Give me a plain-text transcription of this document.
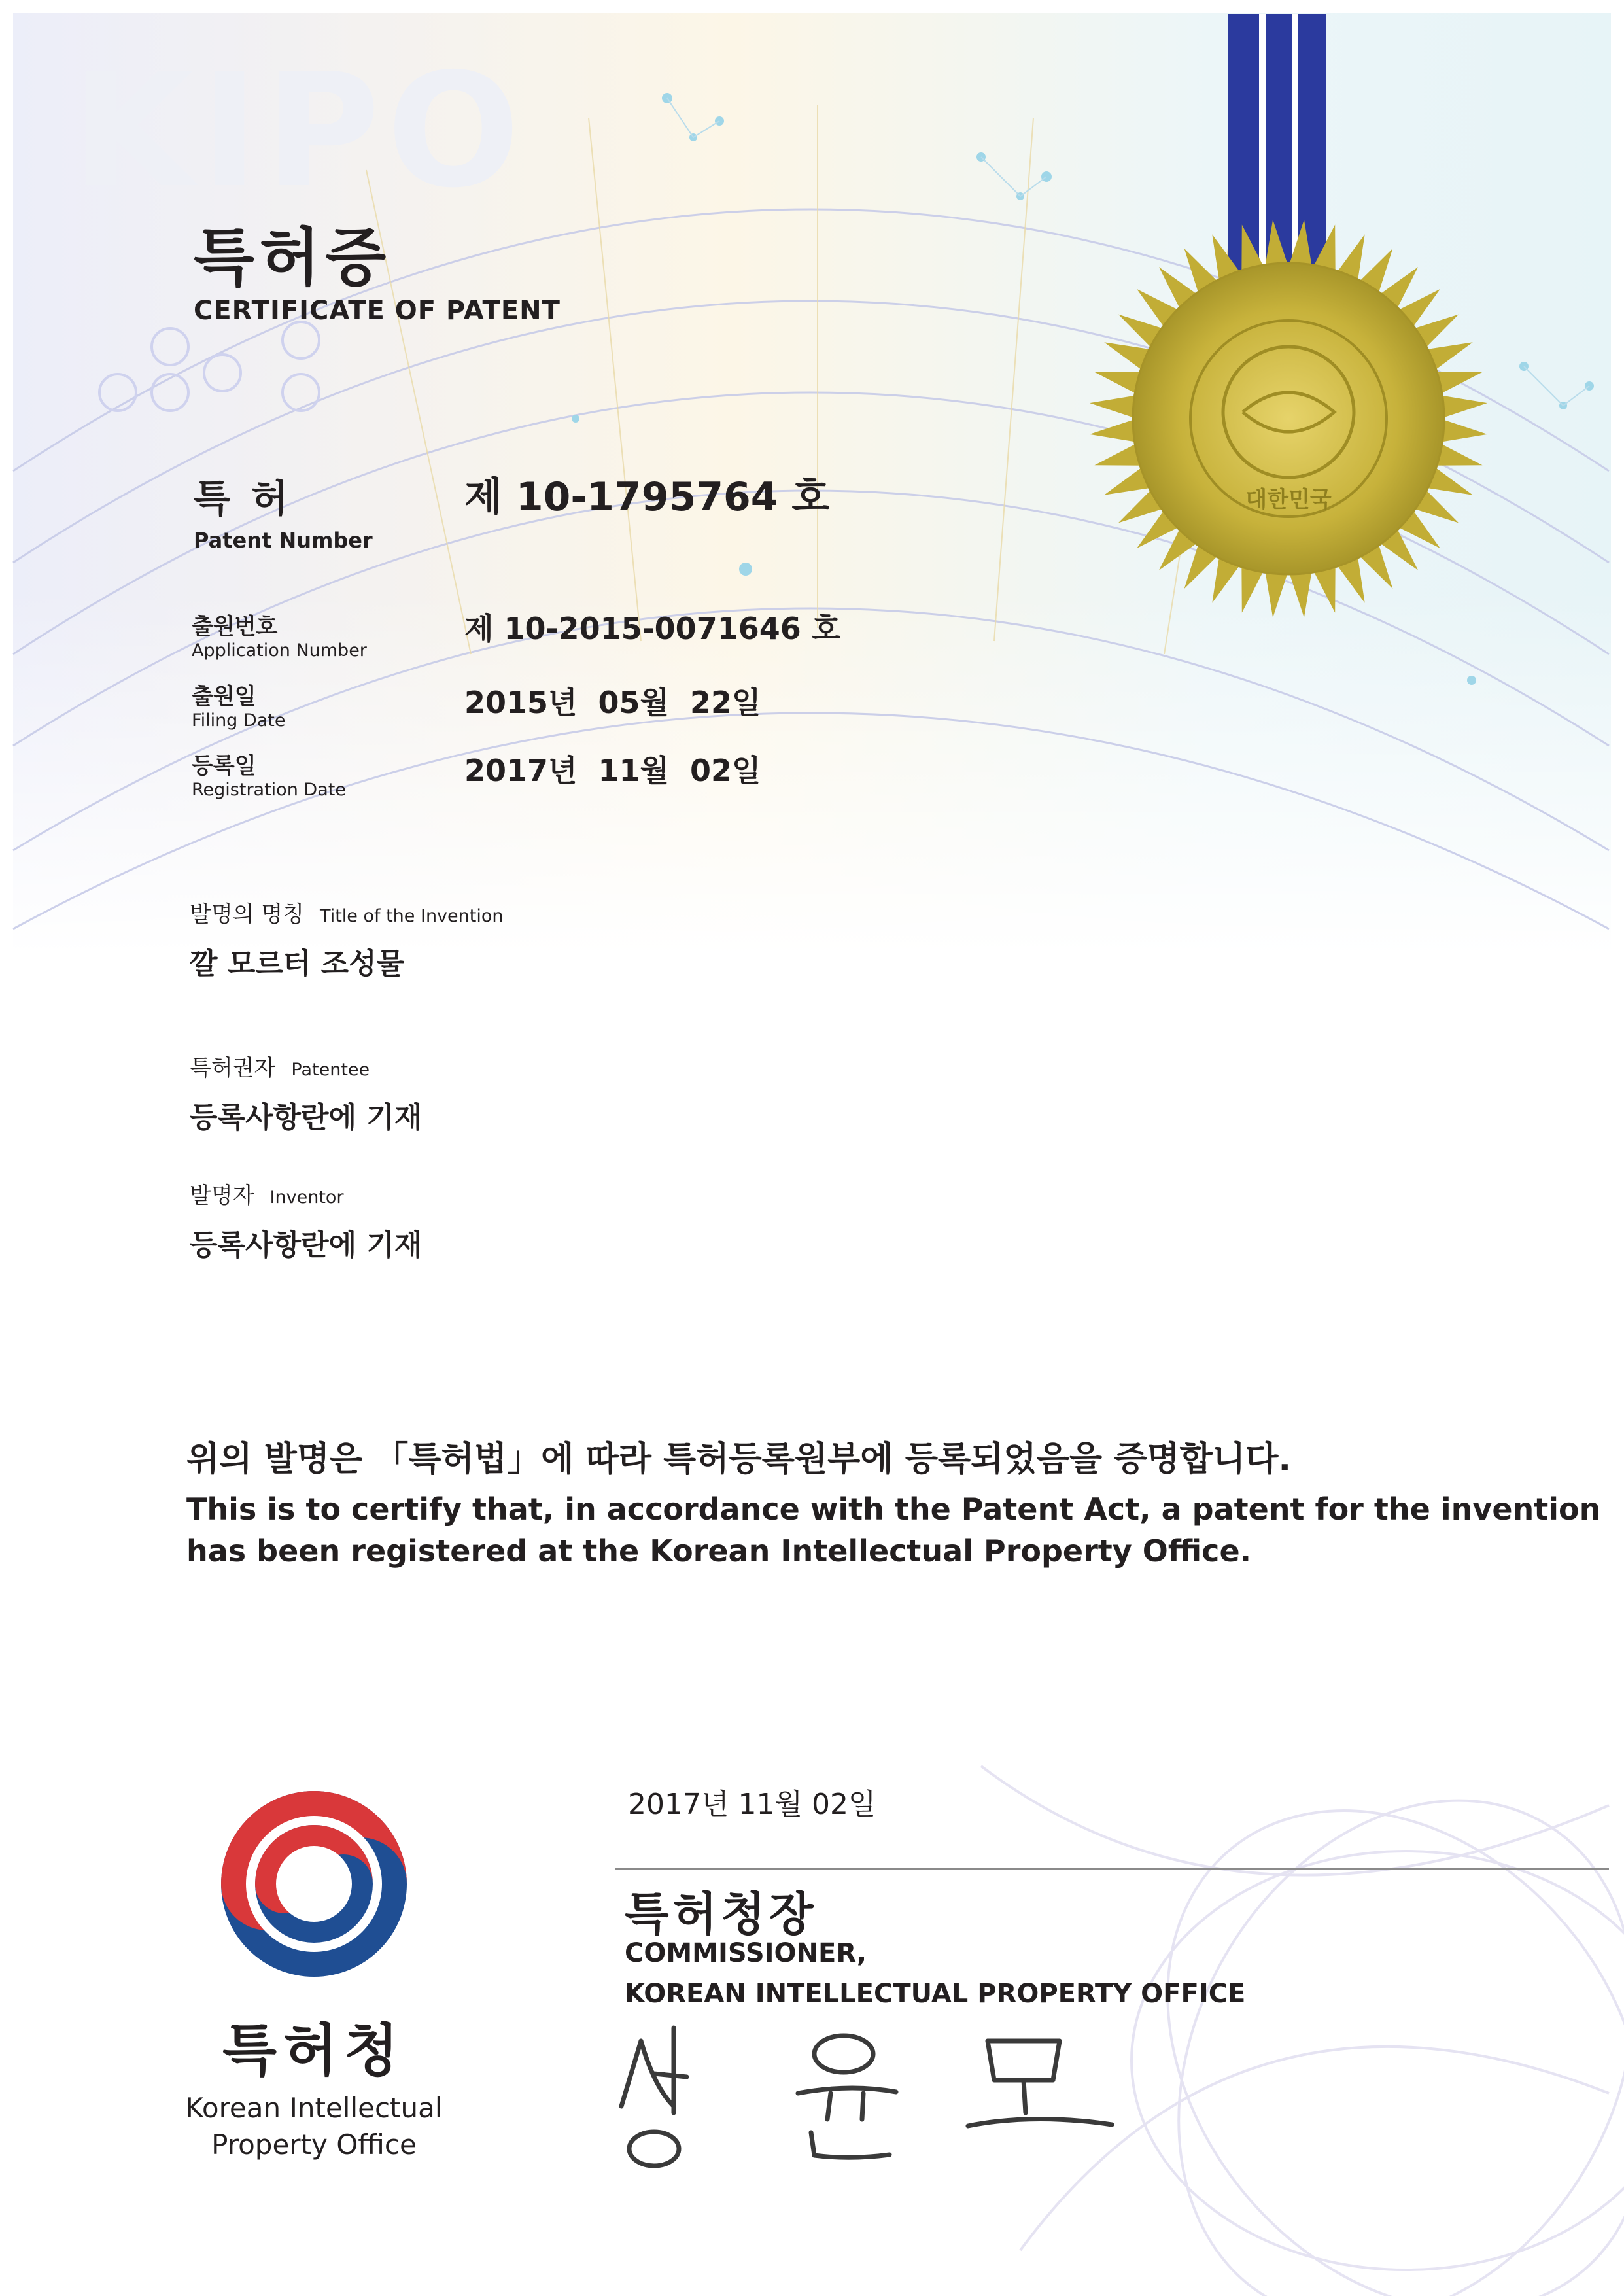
KIPO
대한민국
특허증
CERTIFICATE OF PATENT
특 허
Patent Number
제 10-1795764 호
출원번호
Application Number
제 10-2015-0071646 호
출원일
Filing Date
2015년  05월  22일
등록일
Registration Date
2017년  11월  02일
발명의 명칭 Title of the Invention
깔 모르터 조성물
특허권자 Patentee
등록사항란에 기재
발명자 Inventor
등록사항란에 기재
위의 발명은 「특허법」에 따라 특허등록원부에 등록되었음을 증명합니다.
This is to certify that, in accordance with the Patent Act, a patent for the invention
has been registered at the Korean Intellectual Property Office.
2017년 11월 02일
특허청장
COMMISSIONER,
KOREAN INTELLECTUAL PROPERTY OFFICE
성 윤 모
특허청
Korean Intellectual
Property Office
